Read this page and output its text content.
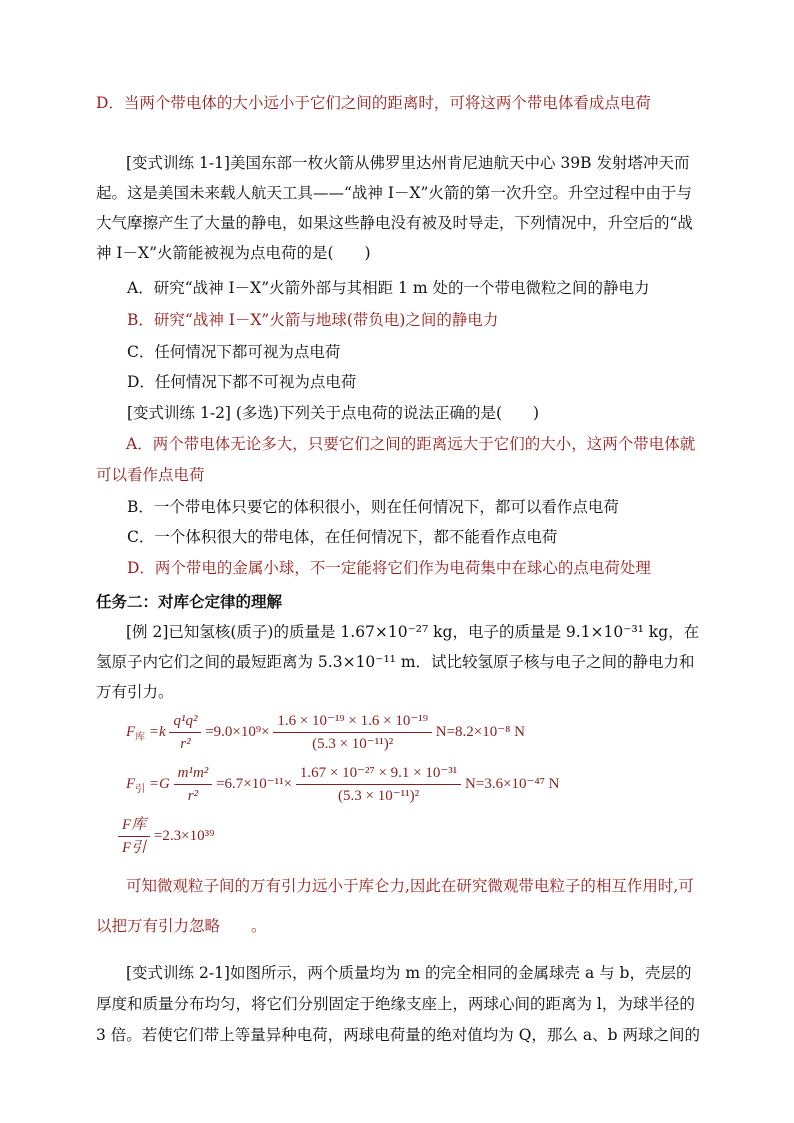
D．当两个带电体的大小远小于它们之间的距离时，可将这两个带电体看成点电荷
[变式训练 1-1]美国东部一枚火箭从佛罗里达州肯尼迪航天中心 39B 发射塔冲天而起。这是美国未来载人航天工具——“战神 I－X”火箭的第一次升空。升空过程中由于与大气摩擦产生了大量的静电，如果这些静电没有被及时导走，下列情况中，升空后的“战神 I－X”火箭能被视为点电荷的是(　　)
A．研究“战神 I－X”火箭外部与其相距 1 m 处的一个带电微粒之间的静电力
B．研究“战神 I－X”火箭与地球(带负电)之间的静电力
C．任何情况下都可视为点电荷
D．任何情况下都不可视为点电荷
[变式训练 1-2] (多选)下列关于点电荷的说法正确的是(　　)
A．两个带电体无论多大，只要它们之间的距离远大于它们的大小，这两个带电体就可以看作点电荷
B．一个带电体只要它的体积很小，则在任何情况下，都可以看作点电荷
C．一个体积很大的带电体，在任何情况下，都不能看作点电荷
D．两个带电的金属小球，不一定能将它们作为电荷集中在球心的点电荷处理
任务二：对库仑定律的理解
[例 2]已知氢核(质子)的质量是 1.67×10⁻²⁷ kg，电子的质量是 9.1×10⁻³¹ kg，在氢原子内它们之间的最短距离为 5.3×10⁻¹¹ m．试比较氢原子核与电子之间的静电力和万有引力。
$F_库 =k \frac{\text{q¹q²}}{\text{r²}} =9.0\times 10^9\times \frac{\text{1.6 × 10⁻¹⁹ × 1.6 × 10⁻¹⁹}}{\text{(5.3 × 10⁻¹¹)²}} N=8.2\times 10^{-8}$ N
$F_引 =G \frac{\text{m¹m²}}{\text{r²}} =6.7\times 10^{-11}\times \frac{\text{1.67 × 10⁻²⁷ × 9.1 × 10⁻³¹}}{\text{(5.3 × 10⁻¹¹)²}} N=3.6\times 10^{-47}$ N
$\frac{\text{F库}}{\text{F引}} =2.3\times 10^{39}$
可知微观粒子间的万有引力远小于库仑力,因此在研究微观带电粒子的相互作用时,可以把万有引力忽略　　。
[变式训练 2-1]如图所示，两个质量均为 m 的完全相同的金属球壳 a 与 b，壳层的厚度和质量分布均匀，将它们分别固定于绝缘支座上，两球心间的距离为 l，为球半径的 3 倍。若使它们带上等量异种电荷，两球电荷量的绝对值均为 Q，那么 a、b 两球之间的
